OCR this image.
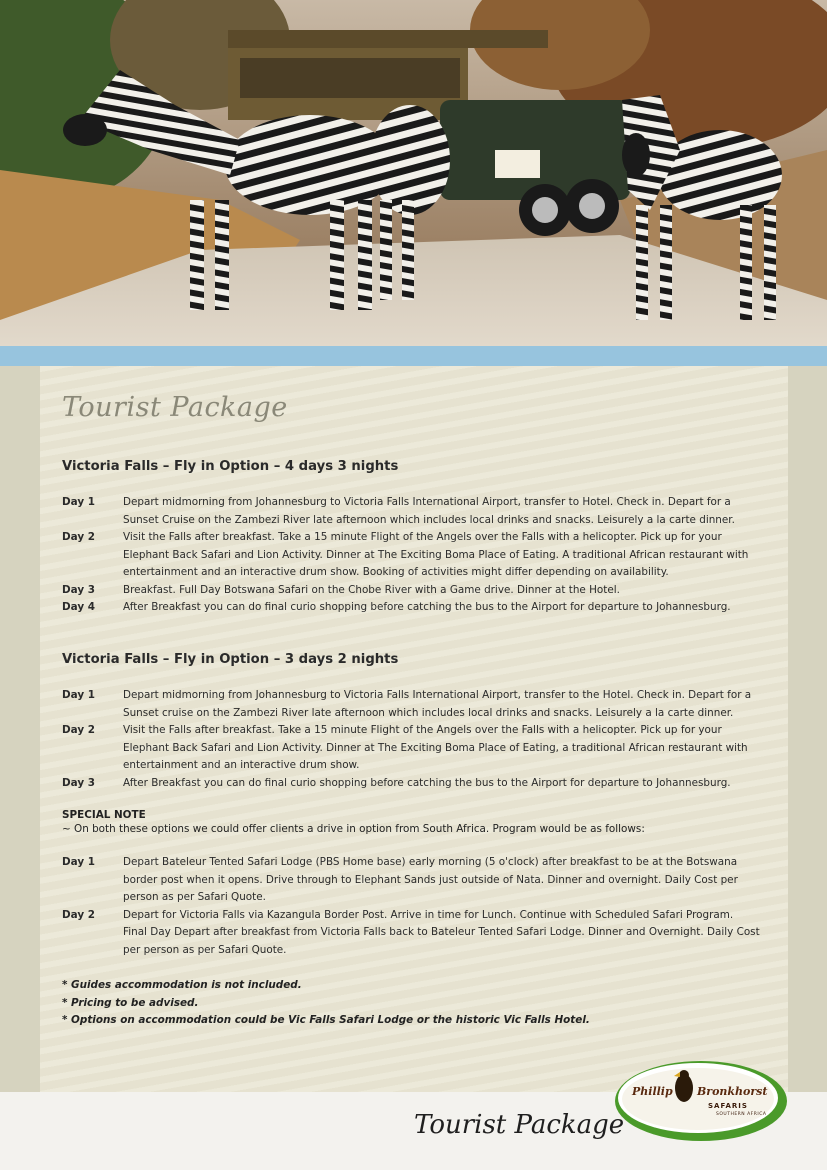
Tourist Package

Victoria Falls – Fly in Option – 4 days 3 nights

Day 1	Depart midmorning from Johannesburg to Victoria Falls International Airport, transfer to Hotel. Check in. Depart for a Sunset Cruise on the Zambezi River late afternoon which includes local drinks and snacks. Leisurely a la carte dinner.
Day 2	Visit the Falls after breakfast. Take a 15 minute Flight of the Angels over the Falls with a helicopter. Pick up for your Elephant Back Safari and Lion Activity. Dinner at The Exciting Boma Place of Eating. A traditional African restaurant with entertainment and an interactive drum show. Booking of activities might differ depending on availability.
Day 3	Breakfast. Full Day Botswana Safari on the Chobe River with a Game drive. Dinner at the Hotel.
Day 4	After Breakfast you can do final curio shopping before catching the bus to the Airport for departure to Johannesburg.

Victoria Falls – Fly in Option – 3 days 2 nights

Day 1	Depart midmorning from Johannesburg to Victoria Falls International Airport, transfer to the Hotel. Check in. Depart for a Sunset cruise on the Zambezi River late afternoon which includes local drinks and snacks. Leisurely a la carte dinner.
Day 2	Visit the Falls after breakfast. Take a 15 minute Flight of the Angels over the Falls with a helicopter. Pick up for your Elephant Back Safari and Lion Activity. Dinner at The Exciting Boma Place of Eating, a traditional African restaurant with entertainment and an interactive drum show.
Day 3	After Breakfast you can do final curio shopping before catching the bus to the Airport for departure to Johannesburg.
SPECIAL NOTE
~ On both these options we could offer clients a drive in option from South Africa. Program would be as follows:
Day 1	Depart Bateleur Tented Safari Lodge (PBS Home base) early morning (5 o'clock) after breakfast to be at the Botswana border post when it opens. Drive through to Elephant Sands just outside of Nata. Dinner and overnight. Daily Cost per person as per Safari Quote.
Day 2	Depart for Victoria Falls via Kazangula Border Post. Arrive in time for Lunch. Continue with Scheduled Safari Program.
Final Day Depart after breakfast from Victoria Falls back to Bateleur Tented Safari Lodge. Dinner and Overnight. Daily Cost per person as per Safari Quote.
* Guides accommodation is not included.
* Pricing to be advised.
* Options on accommodation could be Vic Falls Safari Lodge or the historic Vic Falls Hotel.
Tourist Package
Phillip Bronkhorst
SAFARIS
SOUTHERN AFRICA
